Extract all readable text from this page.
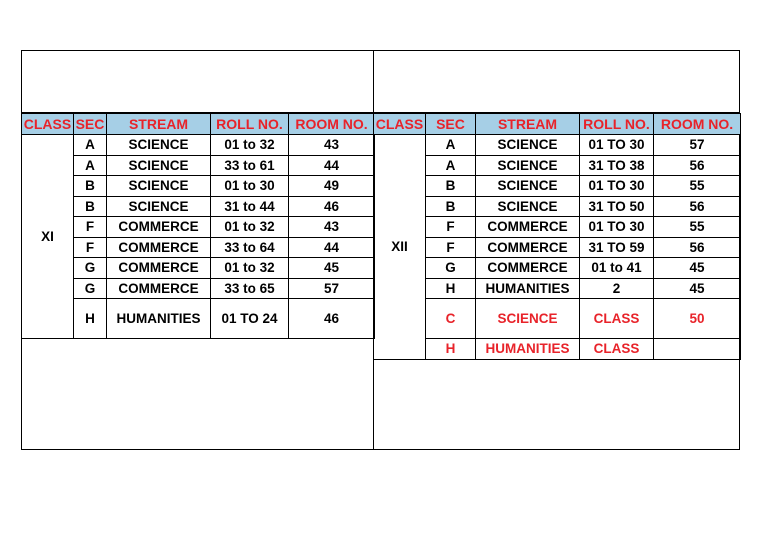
CLASS	SEC	STREAM	ROLL NO.	ROOM NO.
XI	A	SCIENCE	01 to 32	43
	A	SCIENCE	33 to 61	44
	B	SCIENCE	01 to 30	49
	B	SCIENCE	31 to 44	46
	F	COMMERCE	01 to 32	43
	F	COMMERCE	33 to 64	44
	G	COMMERCE	01 to 32	45
	G	COMMERCE	33 to 65	57
	H	HUMANITIES	01 TO 24	46
CLASS	SEC	STREAM	ROLL NO.	ROOM NO.
XII	A	SCIENCE	01 TO 30	57
	A	SCIENCE	31 TO 38	56
	B	SCIENCE	01 TO 30	55
	B	SCIENCE	31 TO 50	56
	F	COMMERCE	01 TO 30	55
	F	COMMERCE	31 TO 59	56
	G	COMMERCE	01 to 41	45
	H	HUMANITIES	2	45
	C	SCIENCE	CLASS	50
	H	HUMANITIES	CLASS	
